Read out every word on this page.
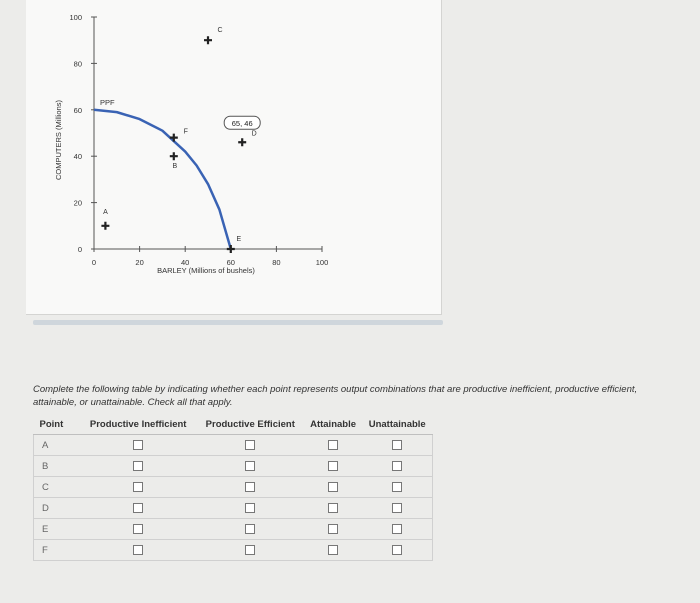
0	20	40	60	80	100
0
20
40
60
80
100
BARLEY (Millions of bushels)
COMPUTERS (Millions)	PPF
A
B
C
D
E
F
65, 46
Complete the following table by indicating whether each point represents output combinations that are productive inefficient, productive efficient, attainable, or unattainable. Check all that apply.
Point	Productive Inefficient	Productive Efficient	Attainable	Unattainable
A				
B				
C				
D				
E				
F				
